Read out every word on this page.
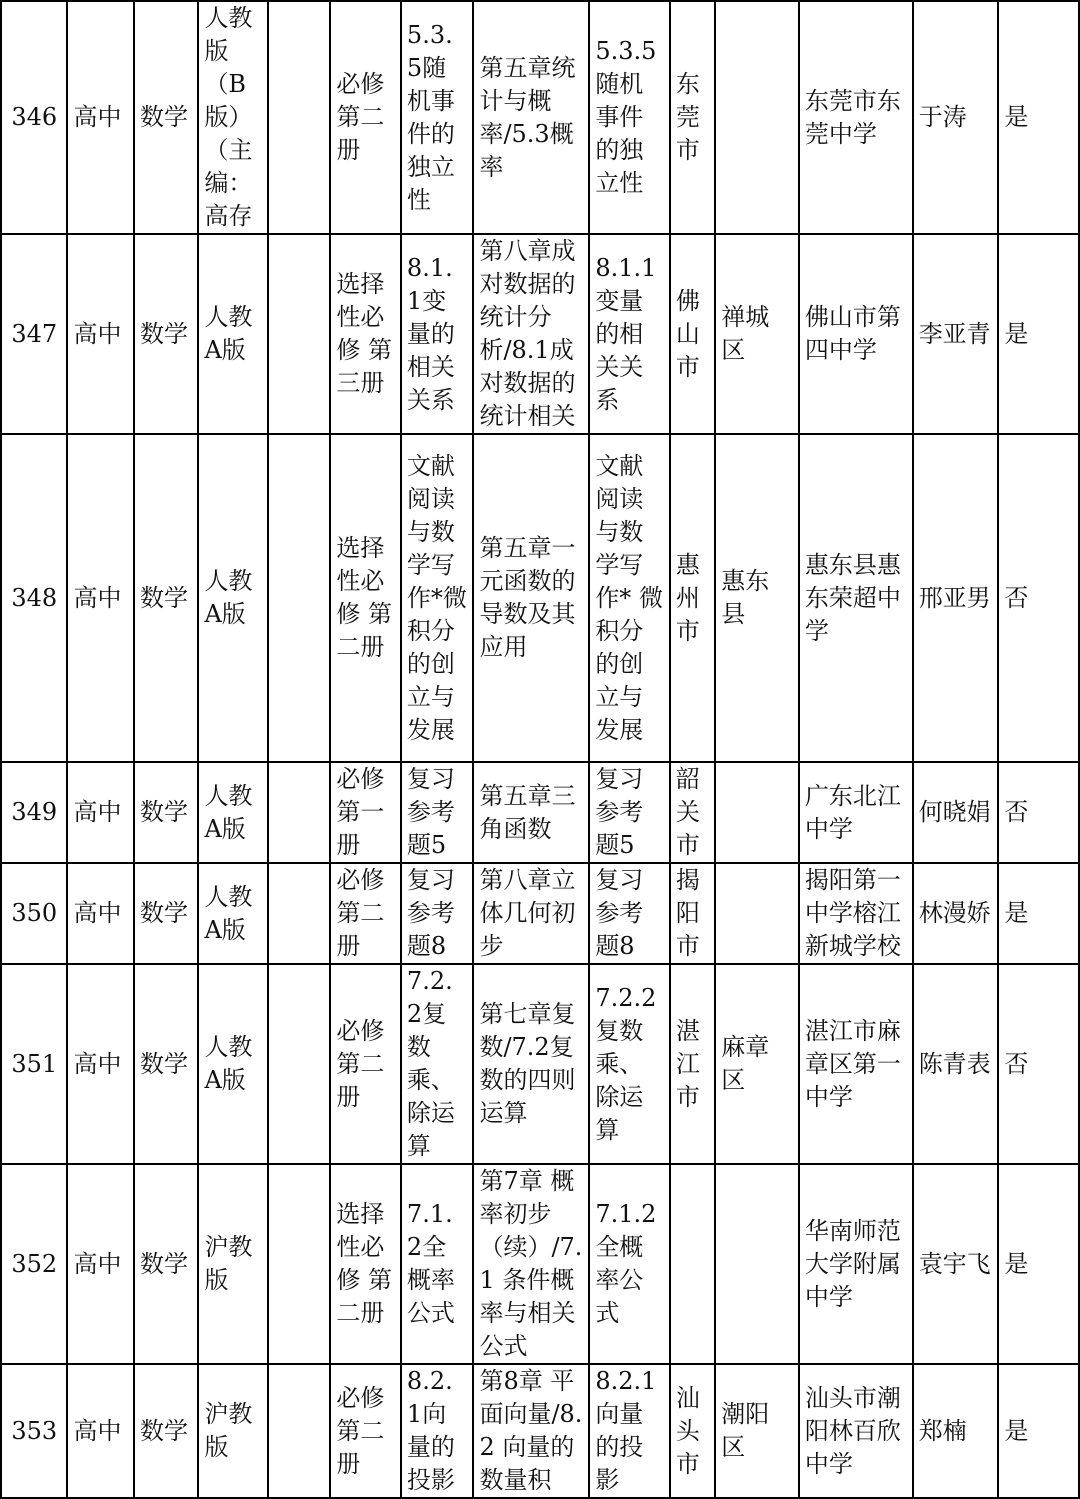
346	高中	数学	人教版（B版）（主编：高存		必修第二册	5.3.5随机事件的独立性	第五章统计与概率/5.3概率	5.3.5随机事件的独立性	东莞市		东莞市东莞中学	于涛	是
347	高中	数学	人教A版		选择性必修 第三册	8.1.1变量的相关关系	第八章成对数据的统计分析/8.1成对数据的统计相关	8.1.1变量的相关关系	佛山市	禅城区	佛山市第四中学	李亚青	是
348	高中	数学	人教A版		选择性必修 第二册	文献阅读与数学写作*微积分的创立与发展	第五章一元函数的导数及其应用	文献阅读与数学写作* 微积分的创立与发展	惠州市	惠东县	惠东县惠东荣超中学	邢亚男	否
349	高中	数学	人教A版		必修第一册	复习参考题5	第五章三角函数	复习参考题5	韶关市		广东北江中学	何晓娟	否
350	高中	数学	人教A版		必修第二册	复习参考题8	第八章立体几何初步	复习参考题8	揭阳市		揭阳第一中学榕江新城学校	林漫娇	是
351	高中	数学	人教A版		必修第二册	7.2.2复数乘、除运算	第七章复数/7.2复数的四则运算	7.2.2复数乘、除运算	湛江市	麻章区	湛江市麻章区第一中学	陈青表	否
352	高中	数学	沪教版		选择性必修 第二册	7.1.2全概率公式	第7章 概率初步（续）/7.1 条件概率与相关公式	7.1.2全概率公式			华南师范大学附属中学	袁宇飞	是
353	高中	数学	沪教版		必修第二册	8.2.1向量的投影	第8章 平面向量/8.2 向量的数量积	8.2.1向量的投影	汕头市	潮阳区	汕头市潮阳林百欣中学	郑楠	是
